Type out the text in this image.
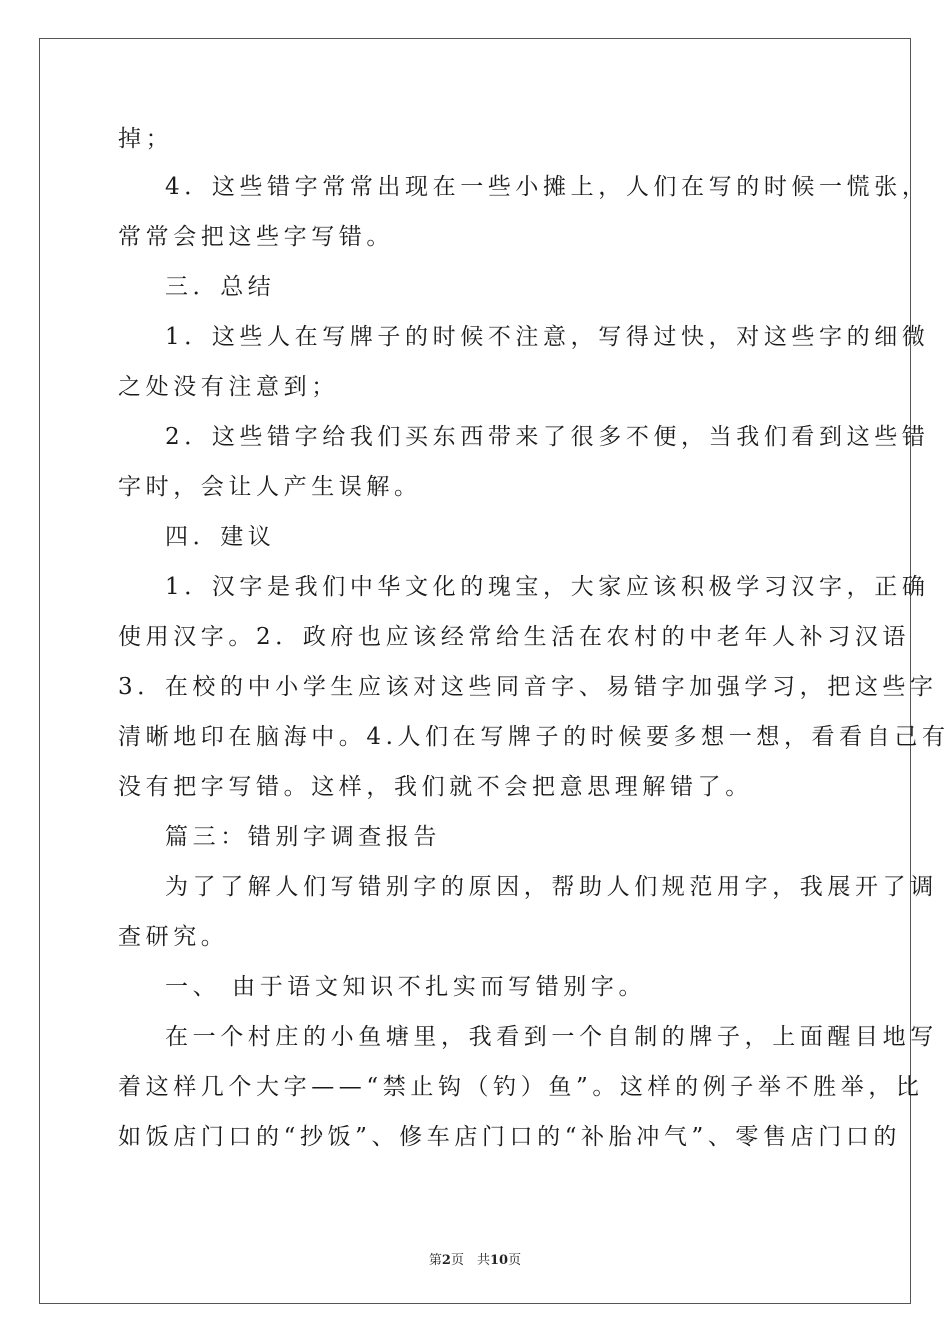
掉；
4．这些错字常常出现在一些小摊上，人们在写的时候一慌张，
常常会把这些字写错。
三．总结
1．这些人在写牌子的时候不注意，写得过快，对这些字的细微
之处没有注意到；
2．这些错字给我们买东西带来了很多不便，当我们看到这些错
字时，会让人产生误解。
四．建议
1．汉字是我们中华文化的瑰宝，大家应该积极学习汉字，正确
使用汉字。2．政府也应该经常给生活在农村的中老年人补习汉语
3．在校的中小学生应该对这些同音字、易错字加强学习，把这些字
清晰地印在脑海中。4.人们在写牌子的时候要多想一想，看看自己有
没有把字写错。这样，我们就不会把意思理解错了。
篇三：错别字调查报告
为了了解人们写错别字的原因，帮助人们规范用字，我展开了调
查研究。
一、 由于语文知识不扎实而写错别字。
在一个村庄的小鱼塘里，我看到一个自制的牌子，上面醒目地写
着这样几个大字——“禁止钩（钓）鱼”。这样的例子举不胜举，比
如饭店门口的“抄饭”、修车店门口的“补胎冲气”、零售店门口的
第2页　共10页
